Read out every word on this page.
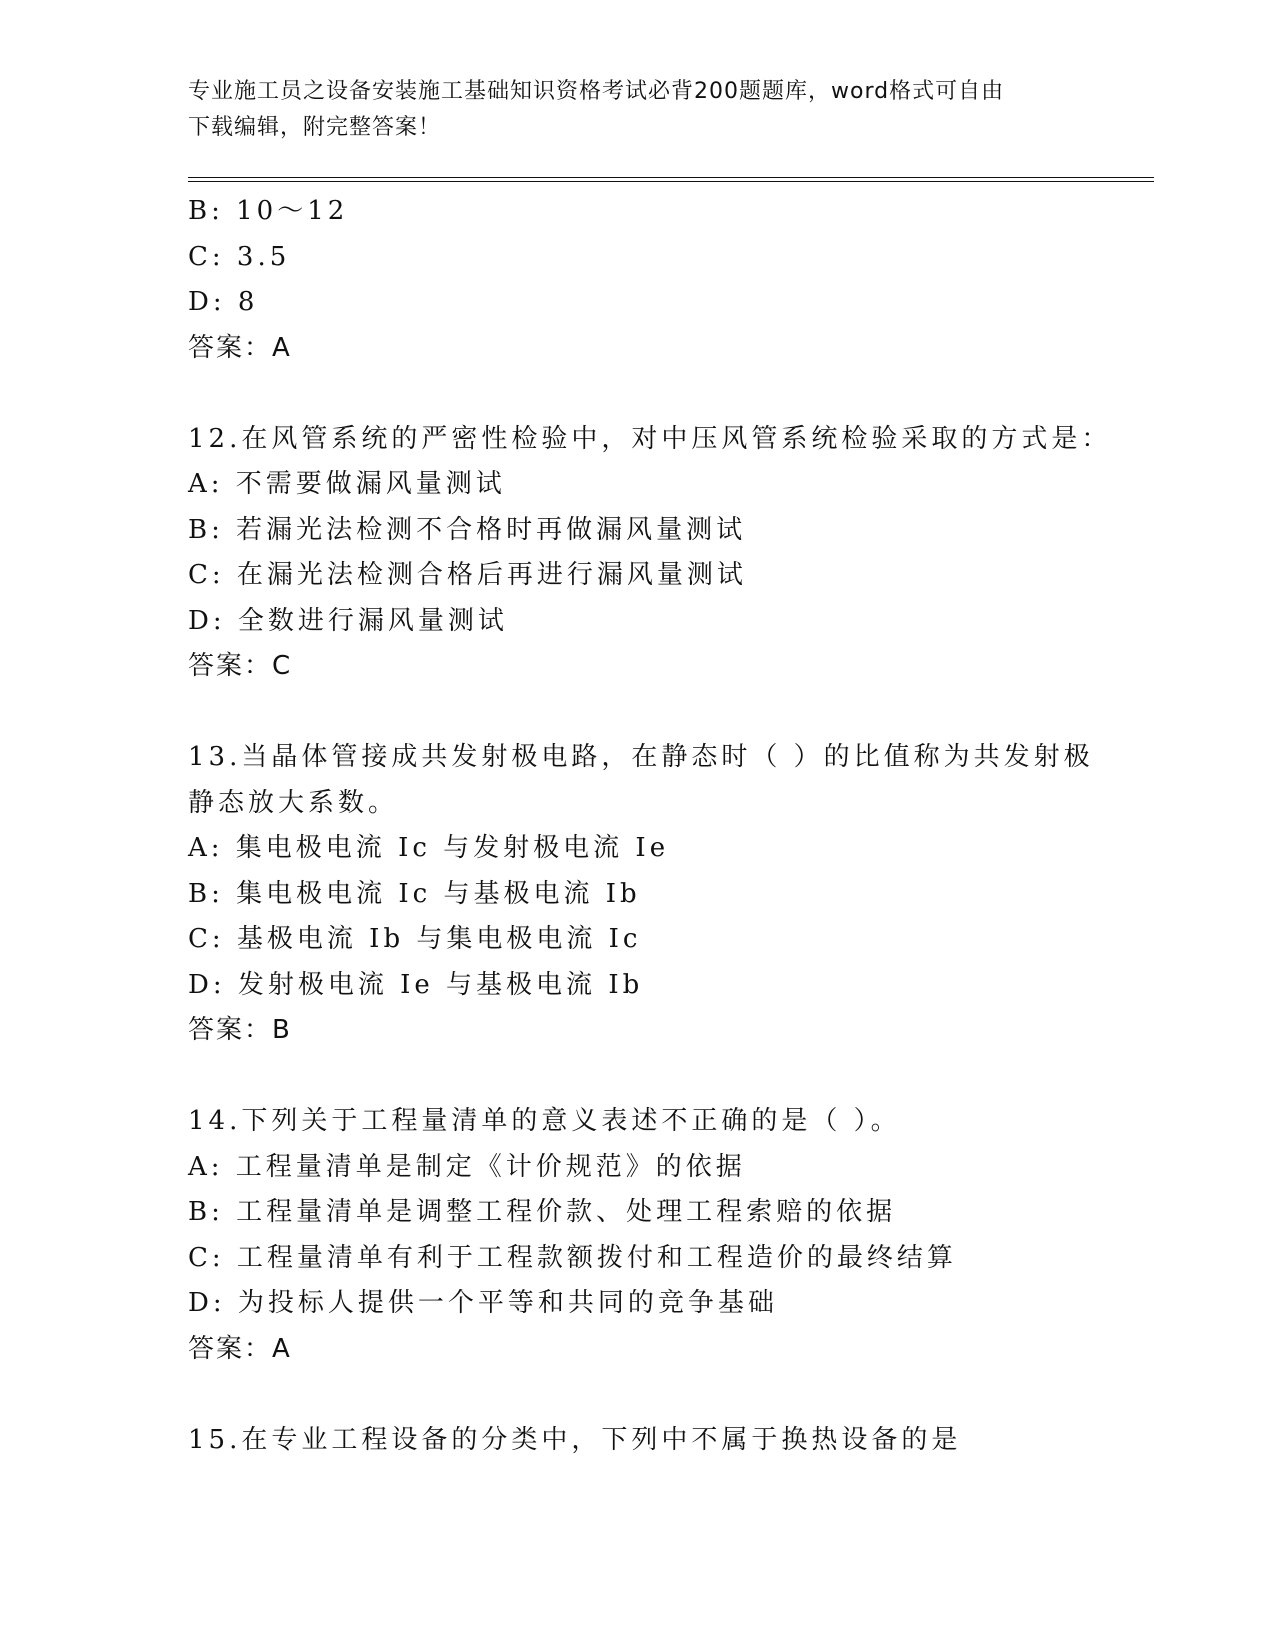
专业施工员之设备安装施工基础知识资格考试必背200题题库，word格式可自由
下载编辑，附完整答案！
B: 10～12
C: 3.5
D: 8
答案：A
12.在风管系统的严密性检验中，对中压风管系统检验采取的方式是：
A: 不需要做漏风量测试
B: 若漏光法检测不合格时再做漏风量测试
C: 在漏光法检测合格后再进行漏风量测试
D: 全数进行漏风量测试
答案：C
13.当晶体管接成共发射极电路，在静态时（ ）的比值称为共发射极
静态放大系数。
A: 集电极电流 Ic 与发射极电流 Ie
B: 集电极电流 Ic 与基极电流 Ib
C: 基极电流 Ib 与集电极电流 Ic
D: 发射极电流 Ie 与基极电流 Ib
答案：B
14.下列关于工程量清单的意义表述不正确的是（ ）。
A: 工程量清单是制定《计价规范》的依据
B: 工程量清单是调整工程价款、处理工程索赔的依据
C: 工程量清单有利于工程款额拨付和工程造价的最终结算
D: 为投标人提供一个平等和共同的竞争基础
答案：A
15.在专业工程设备的分类中，下列中不属于换热设备的是
